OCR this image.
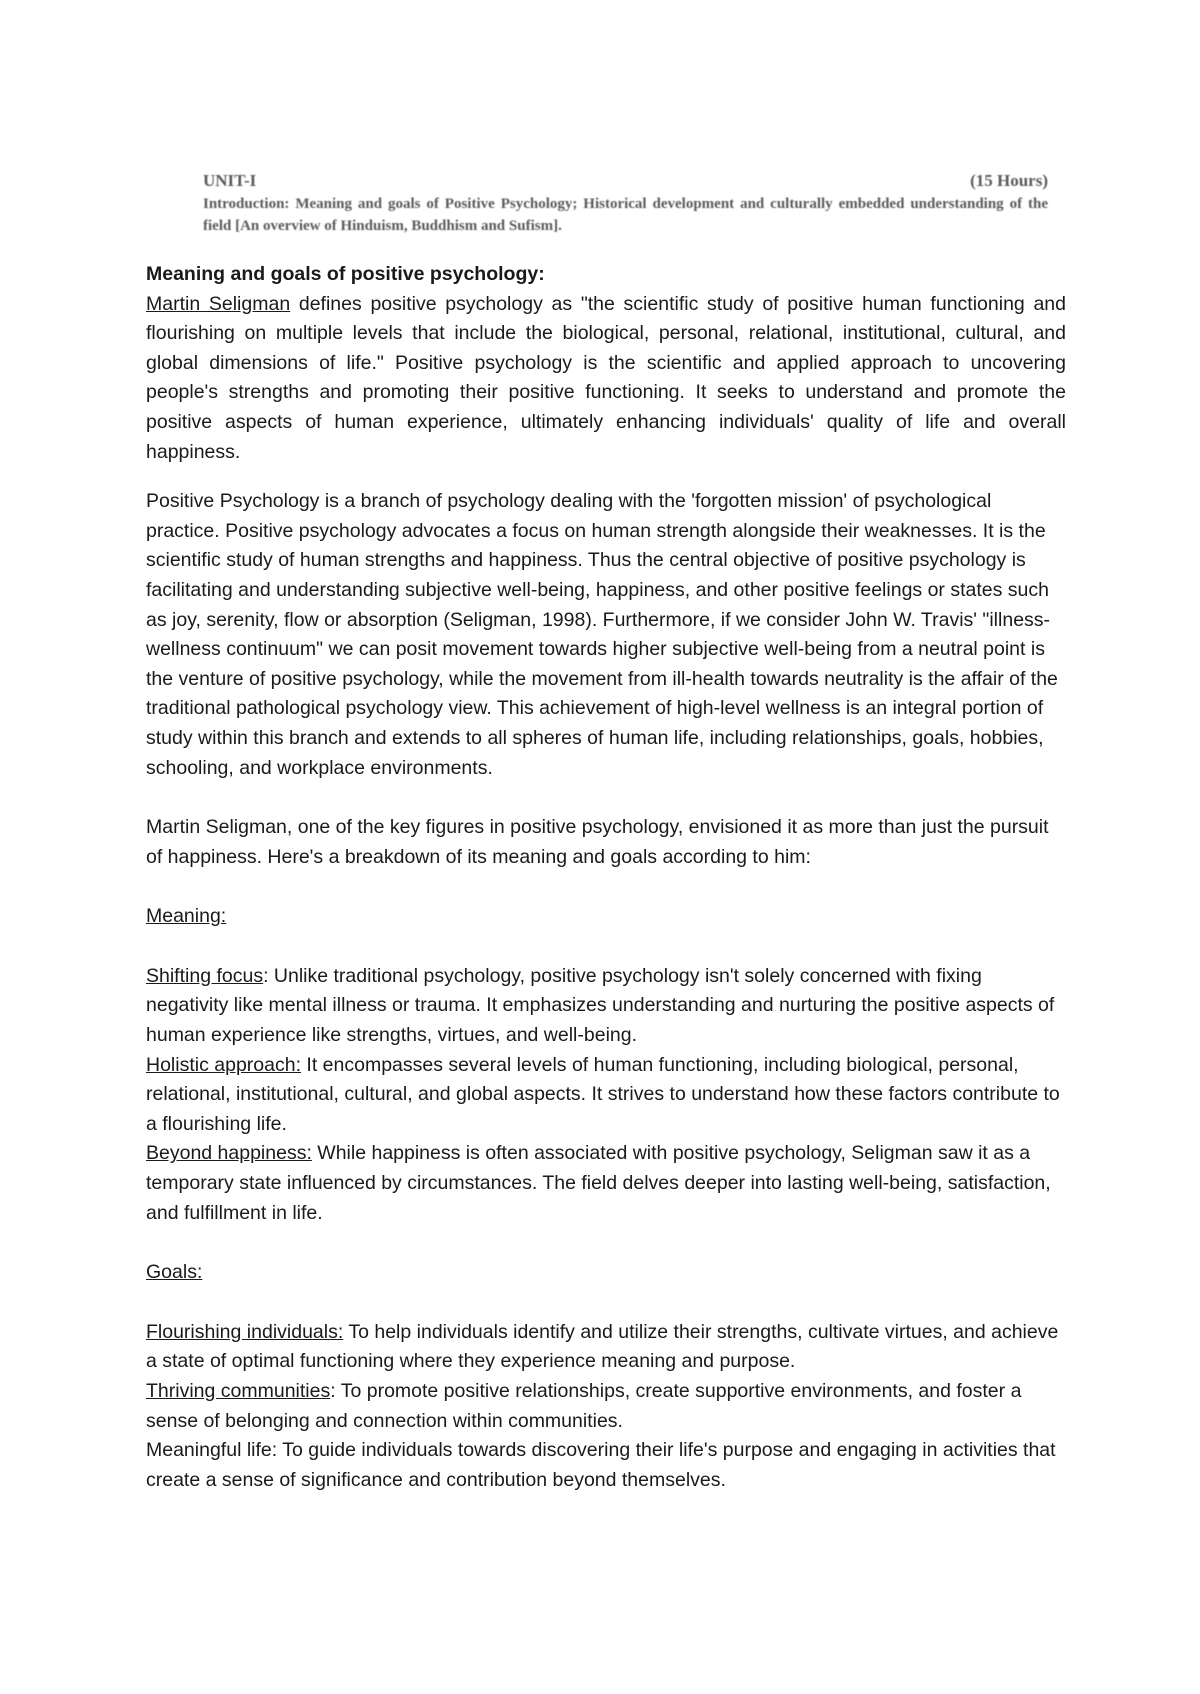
UNIT-I	(15 Hours)
Introduction: Meaning and goals of Positive Psychology; Historical development and culturally embedded understanding of the field [An overview of Hinduism, Buddhism and Sufism].

Meaning and goals of positive psychology:

Martin Seligman defines positive psychology as "the scientific study of positive human functioning and flourishing on multiple levels that include the biological, personal, relational, institutional, cultural, and global dimensions of life." Positive psychology is the scientific and applied approach to uncovering people's strengths and promoting their positive functioning. It seeks to understand and promote the positive aspects of human experience, ultimately enhancing individuals' quality of life and overall happiness.

Positive Psychology is a branch of psychology dealing with the 'forgotten mission' of psychological practice. Positive psychology advocates a focus on human strength alongside their weaknesses. It is the scientific study of human strengths and happiness. Thus the central objective of positive psychology is facilitating and understanding subjective well-being, happiness, and other positive feelings or states such as joy, serenity, flow or absorption (Seligman, 1998). Furthermore, if we consider John W. Travis' "illness-wellness continuum" we can posit movement towards higher subjective well-being from a neutral point is the venture of positive psychology, while the movement from ill-health towards neutrality is the affair of the traditional pathological psychology view. This achievement of high-level wellness is an integral portion of study within this branch and extends to all spheres of human life, including relationships, goals, hobbies, schooling, and workplace environments.

Martin Seligman, one of the key figures in positive psychology, envisioned it as more than just the pursuit of happiness. Here's a breakdown of its meaning and goals according to him:

Meaning:

Shifting focus: Unlike traditional psychology, positive psychology isn't solely concerned with fixing negativity like mental illness or trauma. It emphasizes understanding and nurturing the positive aspects of human experience like strengths, virtues, and well-being.

Holistic approach: It encompasses several levels of human functioning, including biological, personal, relational, institutional, cultural, and global aspects. It strives to understand how these factors contribute to a flourishing life.

Beyond happiness: While happiness is often associated with positive psychology, Seligman saw it as a temporary state influenced by circumstances. The field delves deeper into lasting well-being, satisfaction, and fulfillment in life.

Goals:

Flourishing individuals: To help individuals identify and utilize their strengths, cultivate virtues, and achieve a state of optimal functioning where they experience meaning and purpose.

Thriving communities: To promote positive relationships, create supportive environments, and foster a sense of belonging and connection within communities.

Meaningful life: To guide individuals towards discovering their life's purpose and engaging in activities that create a sense of significance and contribution beyond themselves.
